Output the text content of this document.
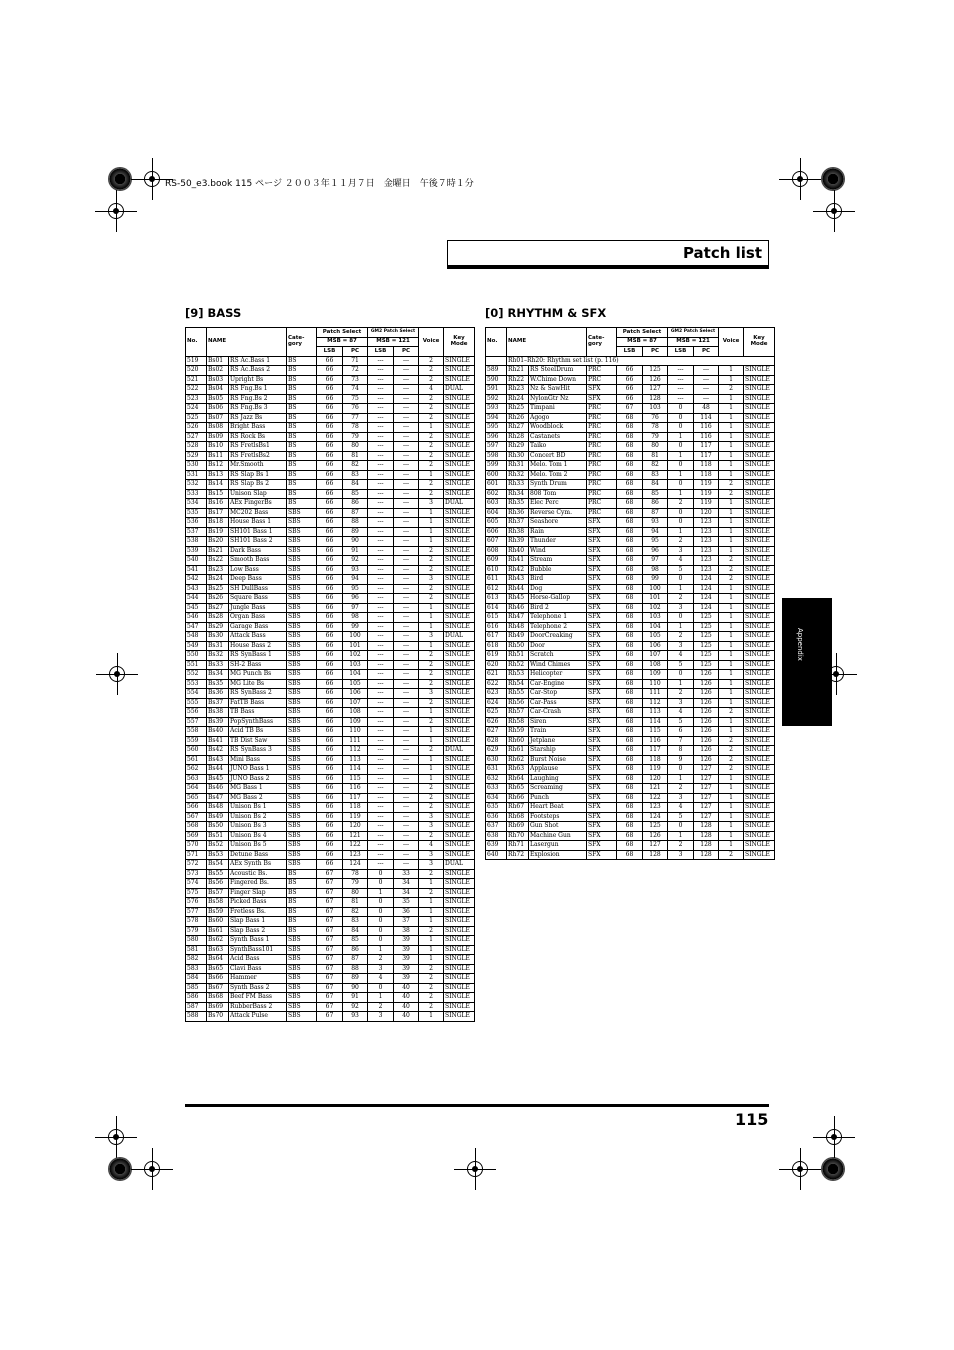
RS-50_e3.book 115 ページ ２００３年１１月７日　金曜日　午後７時１分
Patch list
[9] BASS	[0] RHYTHM & SFX
No.	NAME		Cate-
gory	Patch Select		GM2 Patch Select		Voice	Key
Mode
				MSB = 87		MSB = 121			
				LSB	PC	LSB	PC		
519	Bs01	RS Ac.Bass 1	BS	66	71	---	---	2	SINGLE
520	Bs02	RS Ac.Bass 2	BS	66	72	---	---	2	SINGLE
521	Bs03	Upright Bs	BS	66	73	---	---	2	SINGLE
522	Bs04	RS Fng.Bs 1	BS	66	74	---	---	4	DUAL
523	Bs05	RS Fng.Bs 2	BS	66	75	---	---	2	SINGLE
524	Bs06	RS Fng.Bs 3	BS	66	76	---	---	2	SINGLE
525	Bs07	RS Jazz Bs	BS	66	77	---	---	2	SINGLE
526	Bs08	Bright Bass	BS	66	78	---	---	1	SINGLE
527	Bs09	RS Rock Bs	BS	66	79	---	---	2	SINGLE
528	Bs10	RS FretlsBs1	BS	66	80	---	---	2	SINGLE
529	Bs11	RS FretlsBs2	BS	66	81	---	---	2	SINGLE
530	Bs12	Mr.Smooth	BS	66	82	---	---	2	SINGLE
531	Bs13	RS Slap Bs 1	BS	66	83	---	---	1	SINGLE
532	Bs14	RS Slap Bs 2	BS	66	84	---	---	2	SINGLE
533	Bs15	Unison Slap	BS	66	85	---	---	2	SINGLE
534	Bs16	AEx FingerBs	BS	66	86	---	---	3	DUAL
535	Bs17	MC202 Bass	SBS	66	87	---	---	1	SINGLE
536	Bs18	House Bass 1	SBS	66	88	---	---	1	SINGLE
537	Bs19	SH101 Bass 1	SBS	66	89	---	---	1	SINGLE
538	Bs20	SH101 Bass 2	SBS	66	90	---	---	1	SINGLE
539	Bs21	Dark Bass	SBS	66	91	---	---	2	SINGLE
540	Bs22	Smooth Bass	SBS	66	92	---	---	2	SINGLE
541	Bs23	Low Bass	SBS	66	93	---	---	2	SINGLE
542	Bs24	Deep Bass	SBS	66	94	---	---	3	SINGLE
543	Bs25	SH DullBass	SBS	66	95	---	---	2	SINGLE
544	Bs26	Square Bass	SBS	66	96	---	---	2	SINGLE
545	Bs27	Jungle Bass	SBS	66	97	---	---	1	SINGLE
546	Bs28	Organ Bass	SBS	66	98	---	---	1	SINGLE
547	Bs29	Garage Bass	SBS	66	99	---	---	1	SINGLE
548	Bs30	Attack Bass	SBS	66	100	---	---	3	DUAL
549	Bs31	House Bass 2	SBS	66	101	---	---	1	SINGLE
550	Bs32	RS SynBass 1	SBS	66	102	---	---	2	SINGLE
551	Bs33	SH-2 Bass	SBS	66	103	---	---	2	SINGLE
552	Bs34	MG Punch Bs	SBS	66	104	---	---	2	SINGLE
553	Bs35	MG Lite Bs	SBS	66	105	---	---	2	SINGLE
554	Bs36	RS SynBass 2	SBS	66	106	---	---	3	SINGLE
555	Bs37	FatTB Bass	SBS	66	107	---	---	2	SINGLE
556	Bs38	TB Bass	SBS	66	108	---	---	1	SINGLE
557	Bs39	PopSynthBass	SBS	66	109	---	---	2	SINGLE
558	Bs40	Acid TB Bs	SBS	66	110	---	---	1	SINGLE
559	Bs41	TB Dist Saw	SBS	66	111	---	---	1	SINGLE
560	Bs42	RS SynBass 3	SBS	66	112	---	---	2	DUAL
561	Bs43	Mini Bass	SBS	66	113	---	---	1	SINGLE
562	Bs44	JUNO Bass 1	SBS	66	114	---	---	1	SINGLE
563	Bs45	JUNO Bass 2	SBS	66	115	---	---	1	SINGLE
564	Bs46	MG Bass 1	SBS	66	116	---	---	2	SINGLE
565	Bs47	MG Bass 2	SBS	66	117	---	---	2	SINGLE
566	Bs48	Unison Bs 1	SBS	66	118	---	---	2	SINGLE
567	Bs49	Unison Bs 2	SBS	66	119	---	---	3	SINGLE
568	Bs50	Unison Bs 3	SBS	66	120	---	---	3	SINGLE
569	Bs51	Unison Bs 4	SBS	66	121	---	---	2	SINGLE
570	Bs52	Unison Bs 5	SBS	66	122	---	---	4	SINGLE
571	Bs53	Detune Bass	SBS	66	123	---	---	3	SINGLE
572	Bs54	AEx Synth Bs	SBS	66	124	---	---	3	DUAL
573	Bs55	Acoustic Bs.	BS	67	78	0	33	2	SINGLE
574	Bs56	Fingered Bs.	BS	67	79	0	34	1	SINGLE
575	Bs57	Finger Slap	BS	67	80	1	34	2	SINGLE
576	Bs58	Picked Bass	BS	67	81	0	35	1	SINGLE
577	Bs59	Fretless Bs.	BS	67	82	0	36	1	SINGLE
578	Bs60	Slap Bass 1	BS	67	83	0	37	1	SINGLE
579	Bs61	Slap Bass 2	BS	67	84	0	38	2	SINGLE
580	Bs62	Synth Bass 1	SBS	67	85	0	39	1	SINGLE
581	Bs63	SynthBass101	SBS	67	86	1	39	1	SINGLE
582	Bs64	Acid Bass	SBS	67	87	2	39	1	SINGLE
583	Bs65	Clavi Bass	SBS	67	88	3	39	2	SINGLE
584	Bs66	Hammer	SBS	67	89	4	39	2	SINGLE
585	Bs67	Synth Bass 2	SBS	67	90	0	40	2	SINGLE
586	Bs68	Beef FM Bass	SBS	67	91	1	40	2	SINGLE
587	Bs69	RubberBass 2	SBS	67	92	2	40	2	SINGLE
588	Bs70	Attack Pulse	SBS	67	93	3	40	1	SINGLE
No.	NAME		Cate-
gory	Patch Select		GM2 Patch Select		Voice	Key
Mode
				MSB = 87		MSB = 121			
				LSB	PC	LSB	PC		
	Rh01–Rh20: Rhythm set list (p. 116)								
589	Rh21	RS SteelDrum	PRC	66	125	---	---	1	SINGLE
590	Rh22	W.Chime Down	PRC	66	126	---	---	1	SINGLE
591	Rh23	Nz & SawHit	SFX	66	127	---	---	2	SINGLE
592	Rh24	NylonGtr Nz	SFX	66	128	---	---	1	SINGLE
593	Rh25	Timpani	PRC	67	103	0	48	1	SINGLE
594	Rh26	Agogo	PRC	68	76	0	114	1	SINGLE
595	Rh27	Woodblock	PRC	68	78	0	116	1	SINGLE
596	Rh28	Castanets	PRC	68	79	1	116	1	SINGLE
597	Rh29	Taiko	PRC	68	80	0	117	1	SINGLE
598	Rh30	Concert BD	PRC	68	81	1	117	1	SINGLE
599	Rh31	Melo. Tom 1	PRC	68	82	0	118	1	SINGLE
600	Rh32	Melo. Tom 2	PRC	68	83	1	118	1	SINGLE
601	Rh33	Synth Drum	PRC	68	84	0	119	2	SINGLE
602	Rh34	808 Tom	PRC	68	85	1	119	2	SINGLE
603	Rh35	Elec Perc	PRC	68	86	2	119	1	SINGLE
604	Rh36	Reverse Cym.	PRC	68	87	0	120	1	SINGLE
605	Rh37	Seashore	SFX	68	93	0	123	1	SINGLE
606	Rh38	Rain	SFX	68	94	1	123	1	SINGLE
607	Rh39	Thunder	SFX	68	95	2	123	1	SINGLE
608	Rh40	Wind	SFX	68	96	3	123	1	SINGLE
609	Rh41	Stream	SFX	68	97	4	123	2	SINGLE
610	Rh42	Bubble	SFX	68	98	5	123	2	SINGLE
611	Rh43	Bird	SFX	68	99	0	124	2	SINGLE
612	Rh44	Dog	SFX	68	100	1	124	1	SINGLE
613	Rh45	Horse-Gallop	SFX	68	101	2	124	1	SINGLE
614	Rh46	Bird 2	SFX	68	102	3	124	1	SINGLE
615	Rh47	Telephone 1	SFX	68	103	0	125	1	SINGLE
616	Rh48	Telephone 2	SFX	68	104	1	125	1	SINGLE
617	Rh49	DoorCreaking	SFX	68	105	2	125	1	SINGLE
618	Rh50	Door	SFX	68	106	3	125	1	SINGLE
619	Rh51	Scratch	SFX	68	107	4	125	1	SINGLE
620	Rh52	Wind Chimes	SFX	68	108	5	125	1	SINGLE
621	Rh53	Helicopter	SFX	68	109	0	126	1	SINGLE
622	Rh54	Car-Engine	SFX	68	110	1	126	1	SINGLE
623	Rh55	Car-Stop	SFX	68	111	2	126	1	SINGLE
624	Rh56	Car-Pass	SFX	68	112	3	126	1	SINGLE
625	Rh57	Car-Crash	SFX	68	113	4	126	2	SINGLE
626	Rh58	Siren	SFX	68	114	5	126	1	SINGLE
627	Rh59	Train	SFX	68	115	6	126	1	SINGLE
628	Rh60	Jetplane	SFX	68	116	7	126	2	SINGLE
629	Rh61	Starship	SFX	68	117	8	126	2	SINGLE
630	Rh62	Burst Noise	SFX	68	118	9	126	2	SINGLE
631	Rh63	Applause	SFX	68	119	0	127	2	SINGLE
632	Rh64	Laughing	SFX	68	120	1	127	1	SINGLE
633	Rh65	Screaming	SFX	68	121	2	127	1	SINGLE
634	Rh66	Punch	SFX	68	122	3	127	1	SINGLE
635	Rh67	Heart Beat	SFX	68	123	4	127	1	SINGLE
636	Rh68	Footsteps	SFX	68	124	5	127	1	SINGLE
637	Rh69	Gun Shot	SFX	68	125	0	128	1	SINGLE
638	Rh70	Machine Gun	SFX	68	126	1	128	1	SINGLE
639	Rh71	Lasergun	SFX	68	127	2	128	1	SINGLE
640	Rh72	Explosion	SFX	68	128	3	128	2	SINGLE
Appendix
115
